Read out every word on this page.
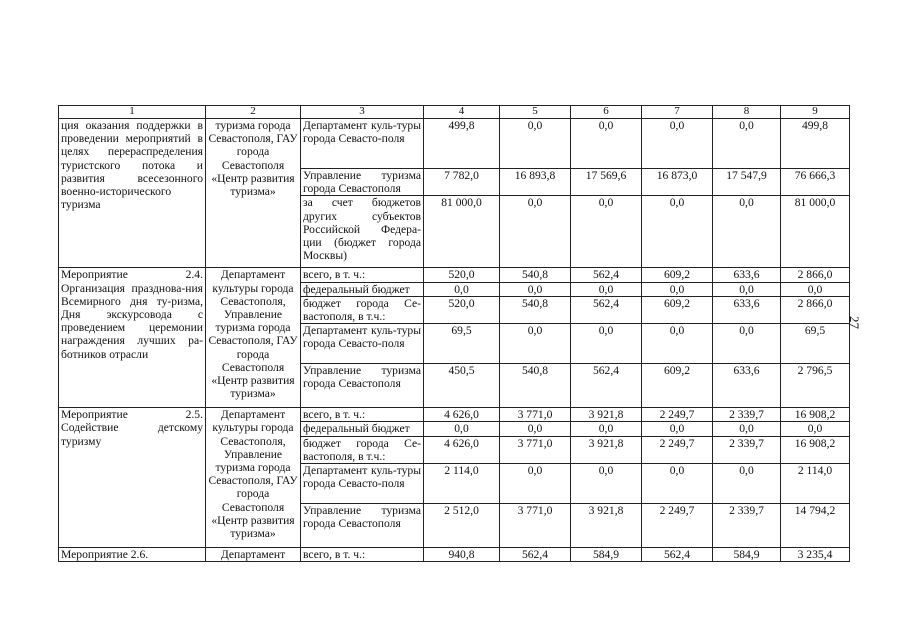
1	2	3	4	5	6	7	8	9
ция оказания поддержки в проведении мероприятий в целях перераспределения туристского потока и развития всесезонного военно-исторического туризма	туризма города Севастополя, ГАУ города Севастополя «Центр развития туризма»	Департамент куль-туры города Севасто-поля	499,8	0,0	0,0	0,0	0,0	499,8
		Управление туризма города Севастополя	7 782,0	16 893,8	17 569,6	16 873,0	17 547,9	76 666,3
		за счет бюджетов других субъектов Российской Федера-ции (бюджет города Москвы)	81 000,0	0,0	0,0	0,0	0,0	81 000,0
Мероприятие 2.4. Организация празднова-ния Всемирного дня ту-ризма, Дня экскурсовода с проведением церемонии награждения лучших ра-ботников отрасли	Департамент культуры города Севастополя, Управление туризма города Севастополя, ГАУ города Севастополя «Центр развития туризма»	всего, в т. ч.:	520,0	540,8	562,4	609,2	633,6	2 866,0
		федеральный бюджет	0,0	0,0	0,0	0,0	0,0	0,0
		бюджет города Се-вастополя, в т.ч.:	520,0	540,8	562,4	609,2	633,6	2 866,0
		Департамент куль-туры города Севасто-поля	69,5	0,0	0,0	0,0	0,0	69,5
		Управление туризма города Севастополя	450,5	540,8	562,4	609,2	633,6	2 796,5
Мероприятие 2.5. Содействие детскому туризму	Департамент культуры города Севастополя, Управление туризма города Севастополя, ГАУ города Севастополя «Центр развития туризма»	всего, в т. ч.:	4 626,0	3 771,0	3 921,8	2 249,7	2 339,7	16 908,2
		федеральный бюджет	0,0	0,0	0,0	0,0	0,0	0,0
		бюджет города Се-вастополя, в т.ч.:	4 626,0	3 771,0	3 921,8	2 249,7	2 339,7	16 908,2
		Департамент куль-туры города Севасто-поля	2 114,0	0,0	0,0	0,0	0,0	2 114,0
		Управление туризма города Севастополя	2 512,0	3 771,0	3 921,8	2 249,7	2 339,7	14 794,2
Мероприятие 2.6.	Департамент	всего, в т. ч.:	940,8	562,4	584,9	562,4	584,9	3 235,4
27
